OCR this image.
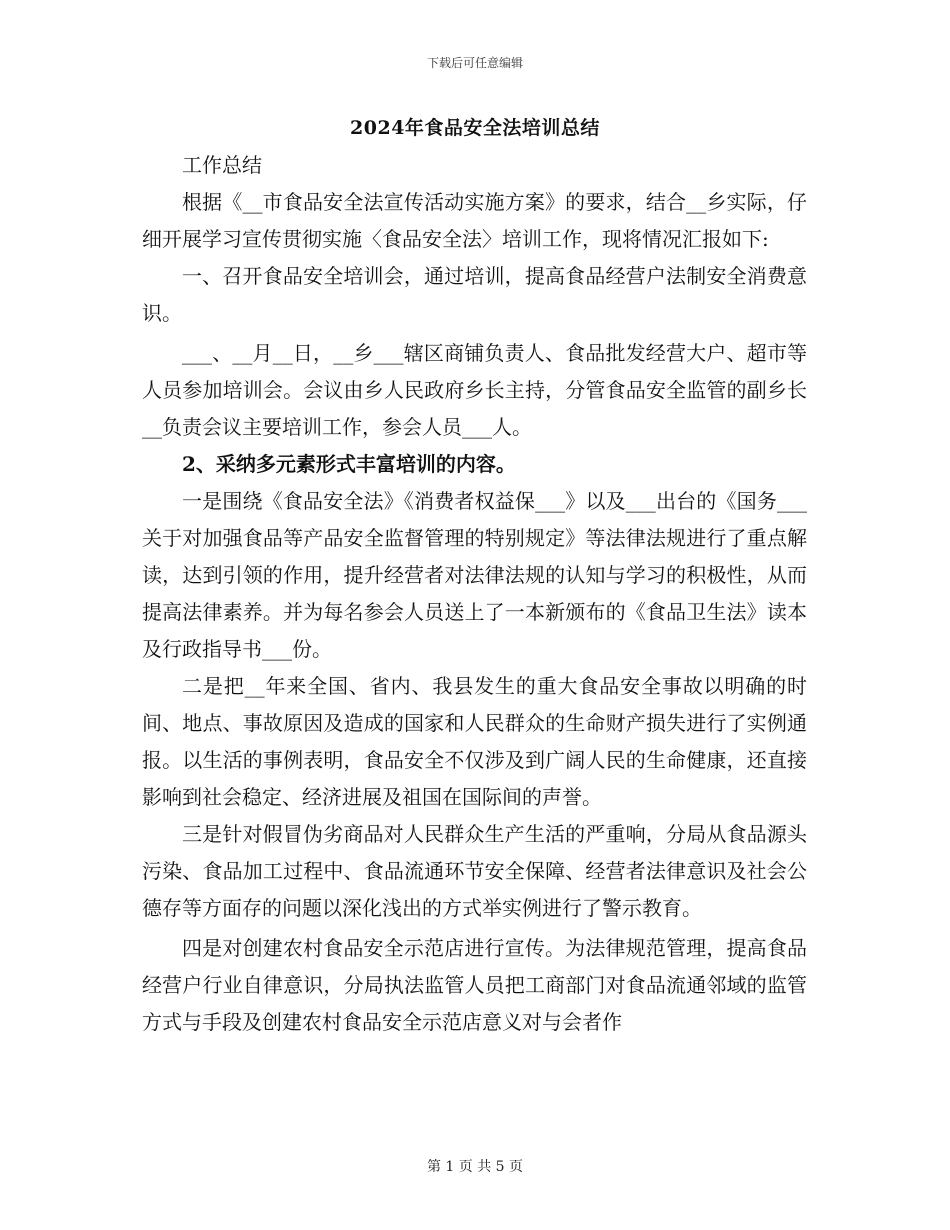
下载后可任意编辑
2024年食品安全法培训总结

工作总结

根据《__市食品安全法宣传活动实施方案》的要求，结合__乡实际，仔细开展学习宣传贯彻实施〈食品安全法〉培训工作，现将情况汇报如下:

一、召开食品安全培训会，通过培训，提高食品经营户法制安全消费意识。

___、__月__日，__乡___辖区商铺负责人、食品批发经营大户、超市等人员参加培训会。会议由乡人民政府乡长主持，分管食品安全监管的副乡长__负责会议主要培训工作，参会人员___人。

2、采纳多元素形式丰富培训的内容。

一是围绕《食品安全法》《消费者权益保___》以及___出台的《国务___关于对加强食品等产品安全监督管理的特别规定》等法律法规进行了重点解读，达到引领的作用，提升经营者对法律法规的认知与学习的积极性，从而提高法律素养。并为每名参会人员送上了一本新颁布的《食品卫生法》读本及行政指导书___份。

二是把__年来全国、省内、我县发生的重大食品安全事故以明确的时间、地点、事故原因及造成的国家和人民群众的生命财产损失进行了实例通报。以生活的事例表明，食品安全不仅涉及到广阔人民的生命健康，还直接影响到社会稳定、经济进展及祖国在国际间的声誉。

三是针对假冒伪劣商品对人民群众生产生活的严重响，分局从食品源头污染、食品加工过程中、食品流通环节安全保障、经营者法律意识及社会公德存等方面存的问题以深化浅出的方式举实例进行了警示教育。

四是对创建农村食品安全示范店进行宣传。为法律规范管理，提高食品经营户行业自律意识，分局执法监管人员把工商部门对食品流通邻域的监管方式与手段及创建农村食品安全示范店意义对与会者作

第 1 页 共 5 页
